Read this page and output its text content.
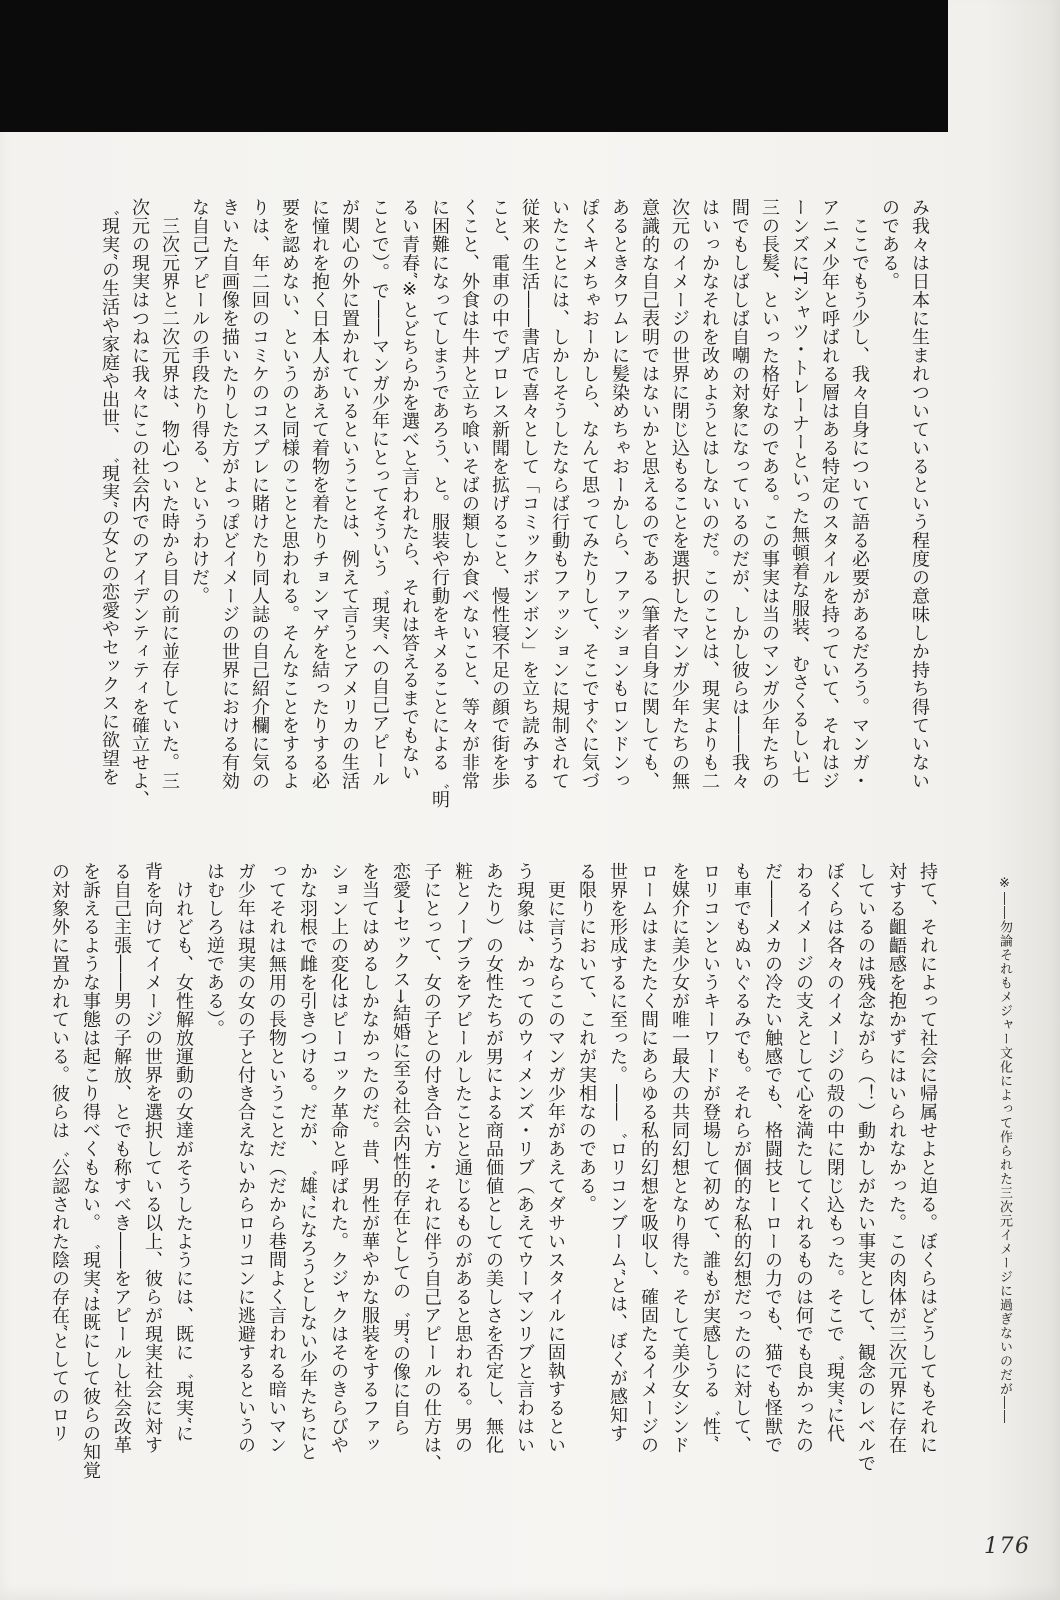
み我々は日本に生まれついているという程度の意味しか持ち得ていない
のである。
　ここでもう少し、我々自身について語る必要があるだろう。マンガ・
アニメ少年と呼ばれる層はある特定のスタイルを持っていて、それはジ
ーンズにTシャツ・トレーナーといった無頓着な服装、むさくるしい七
三の長髪、といった格好なのである。この事実は当のマンガ少年たちの
間でもしばしば自嘲の対象になっているのだが、しかし彼らは――我々
はいっかなそれを改めようとはしないのだ。このことは、現実よりも二
次元のイメージの世界に閉じ込もることを選択したマンガ少年たちの無
意識的な自己表明ではないかと思えるのである（筆者自身に関しても、
あるときタワムレに髪染めちゃおーかしら、ファッションもロンドンっ
ぽくキメちゃおーかしら、なんて思ってみたりして、そこですぐに気づ
いたことには、しかしそうしたならば行動もファッションに規制されて
従来の生活――書店で喜々として「コミックボンボン」を立ち読みする
こと、電車の中でプロレス新聞を拡げること、慢性寝不足の顔で街を歩
くこと、外食は牛丼と立ち喰いそばの類しか食べないこと、等々が非常
に困難になってしまうであろう、と。服装や行動をキメることによる゛明
るい青春″※とどちらかを選べと言われたら、それは答えるまでもない
ことで）。で――マンガ少年にとってそういう゛現実″への自己アピール
が関心の外に置かれているということは、例えて言うとアメリカの生活
に憧れを抱く日本人があえて着物を着たりチョンマゲを結ったりする必
要を認めない、というのと同様のことと思われる。そんなことをするよ
りは、年二回のコミケのコスプレに賭けたり同人誌の自己紹介欄に気の
きいた自画像を描いたりした方がよっぽどイメージの世界における有効
な自己アピールの手段たり得る、というわけだ。
　三次元界と二次元界は、物心ついた時から目の前に並存していた。三
次元の現実はつねに我々にこの社会内でのアイデンティティを確立せよ、
゛現実″の生活や家庭や出世、゛現実″の女との恋愛やセックスに欲望を
※――勿論それもメジャー文化によって作られた三次元イメージに過ぎないのだが――
持て、それによって社会に帰属せよと迫る。ぼくらはどうしてもそれに
対する齟齬感を抱かずにはいられなかった。この肉体が三次元界に存在
しているのは残念ながら（！）動かしがたい事実として、観念のレベルで
ぼくらは各々のイメージの殻の中に閉じ込もった。そこで゛現実″に代
わるイメージの支えとして心を満たしてくれるものは何でも良かったの
だ――メカの冷たい触感でも、格闘技ヒーローの力でも、猫でも怪獣で
も車でもぬいぐるみでも。それらが個的な私的幻想だったのに対して、
ロリコンというキーワードが登場して初めて、誰もが実感しうる゛性″
を媒介に美少女が唯一最大の共同幻想となり得た。そして美少女シンド
ロームはまたたく間にあらゆる私的幻想を吸収し、確固たるイメージの
世界を形成するに至った。――゛ロリコンブーム″とは、ぼくが感知す
る限りにおいて、これが実相なのである。
　更に言うならこのマンガ少年があえてダサいスタイルに固執するとい
う現象は、かってのウィメンズ・リブ（あえてウーマンリブと言わはい
あたり）の女性たちが男による商品価値としての美しさを否定し、無化
粧とノーブラをアピールしたことと通じるものがあると思われる。男の
子にとって、女の子との付き合い方・それに伴う自己アピールの仕方は、
恋愛→セックス→結婚に至る社会内性的存在としての゛男″の像に自ら
を当てはめるしかなかったのだ。昔、男性が華やかな服装をするファッ
ション上の変化はピーコック革命と呼ばれた。クジャクはそのきらびや
かな羽根で雌を引きつける。だが、゛雄″になろうとしない少年たちにと
ってそれは無用の長物ということだ（だから巷間よく言われる暗いマン
ガ少年は現実の女の子と付き合えないからロリコンに逃避するというの
はむしろ逆である）。
　けれども、女性解放運動の女達がそうしたようには、既に゛現実″に
背を向けてイメージの世界を選択している以上、彼らが現実社会に対す
る自己主張――男の子解放、とでも称すべき――をアピールし社会改革
を訴えるような事態は起こり得べくもない。゛現実″は既にして彼らの知覚
の対象外に置かれている。彼らは゛公認された陰の存在″としてのロリ
176
